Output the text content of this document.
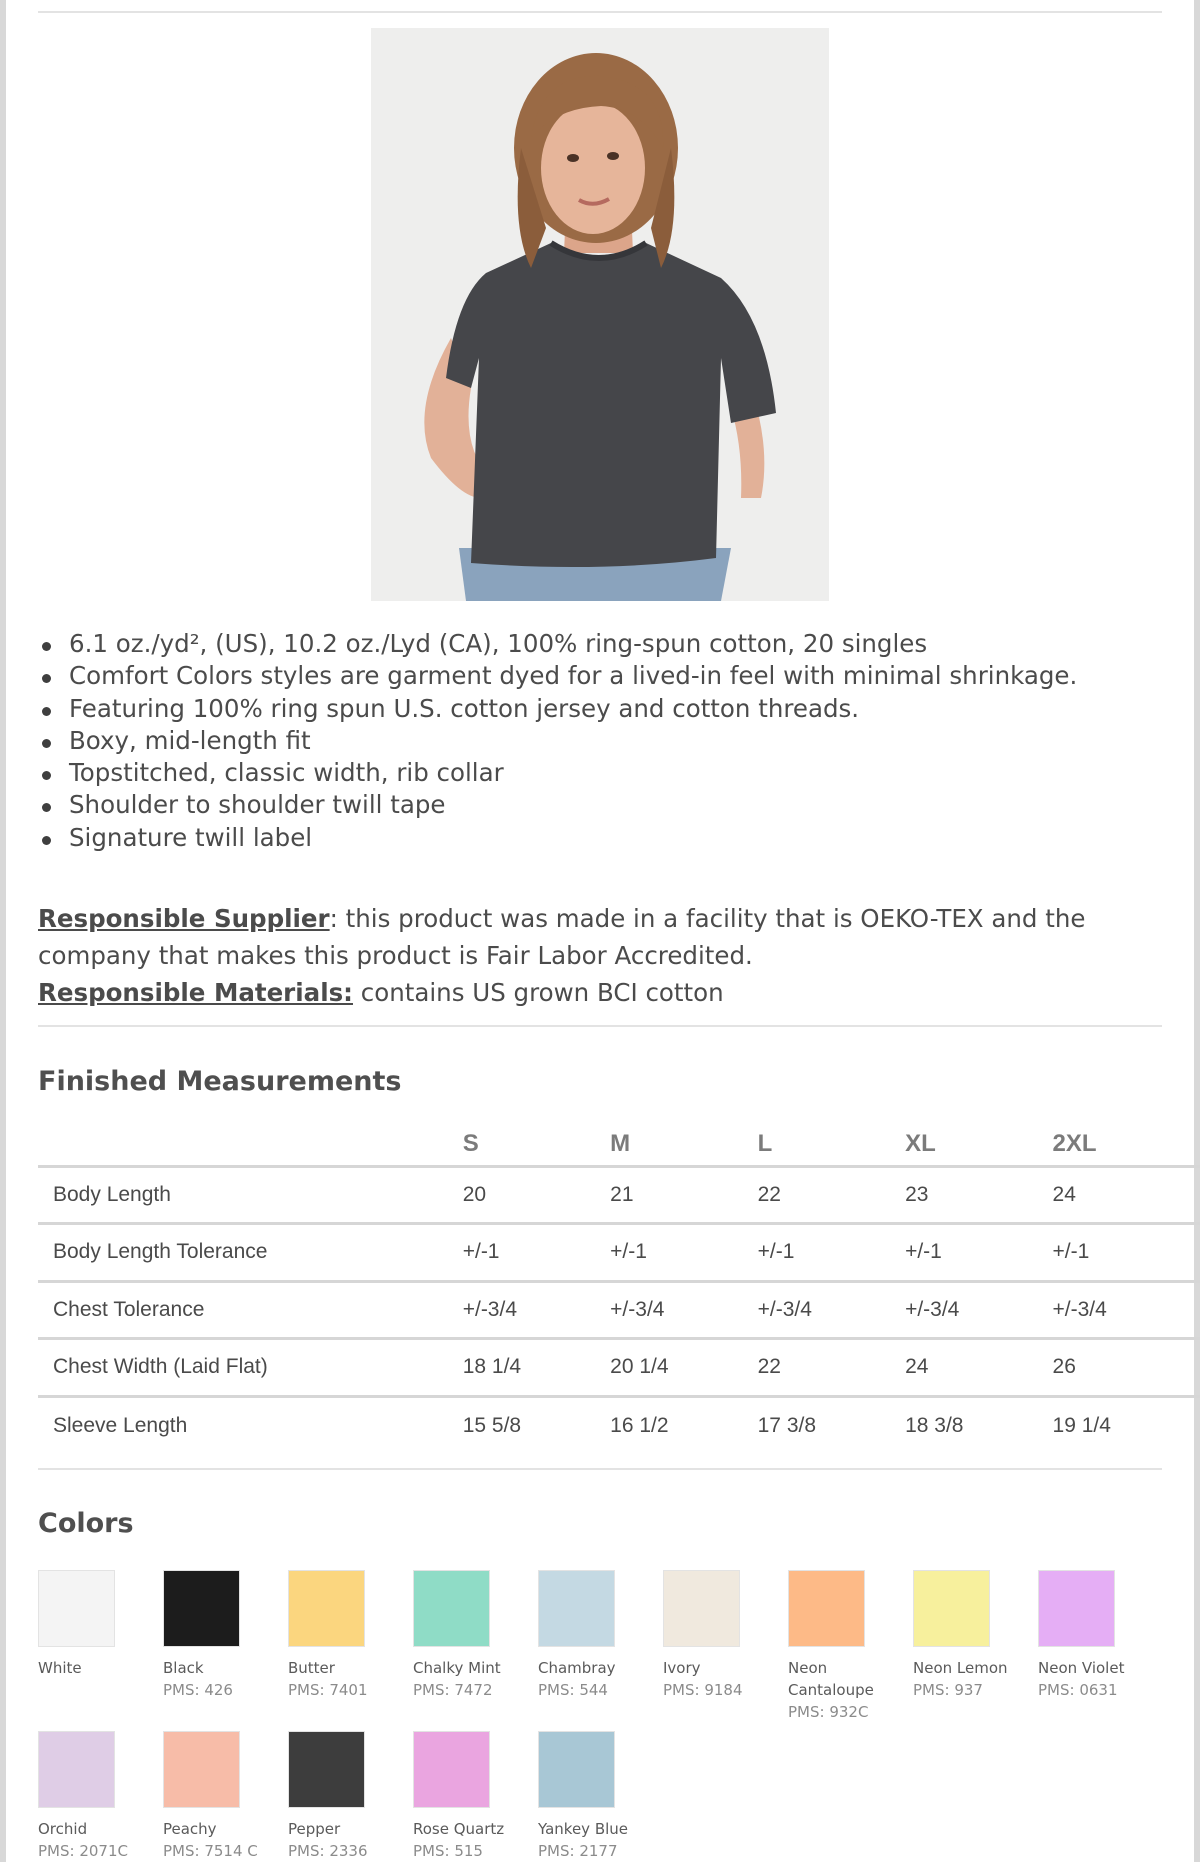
6.1 oz./yd², (US), 10.2 oz./Lyd (CA), 100% ring-spun cotton, 20 singles
Comfort Colors styles are garment dyed for a lived-in feel with minimal shrinkage.
Featuring 100% ring spun U.S. cotton jersey and cotton threads.
Boxy, mid-length fit
Topstitched, classic width, rib collar
Shoulder to shoulder twill tape
Signature twill label

Responsible Supplier: this product was made in a facility that is OEKO-TEX and the company that makes this product is Fair Labor Accredited.

Responsible Materials: contains US grown BCI cotton

Finished Measurements
	S	M	L	XL	2XL
Body Length	20	21	22	23	24
Body Length Tolerance	+/-1	+/-1	+/-1	+/-1	+/-1
Chest Tolerance	+/-3/4	+/-3/4	+/-3/4	+/-3/4	+/-3/4
Chest Width (Laid Flat)	18 1/4	20 1/4	22	24	26
Sleeve Length	15 5/8	16 1/2	17 3/8	18 3/8	19 1/4
Colors
White	Black
PMS: 426
Butter
PMS: 7401
Chalky Mint
PMS: 7472
Chambray
PMS: 544
Ivory
PMS: 9184
Neon Cantaloupe
PMS: 932C
Neon Lemon
PMS: 937
Neon Violet
PMS: 0631
Orchid
PMS: 2071C
Peachy
PMS: 7514 C
Pepper
PMS: 2336
Rose Quartz
PMS: 515
Yankey Blue
PMS: 2177
